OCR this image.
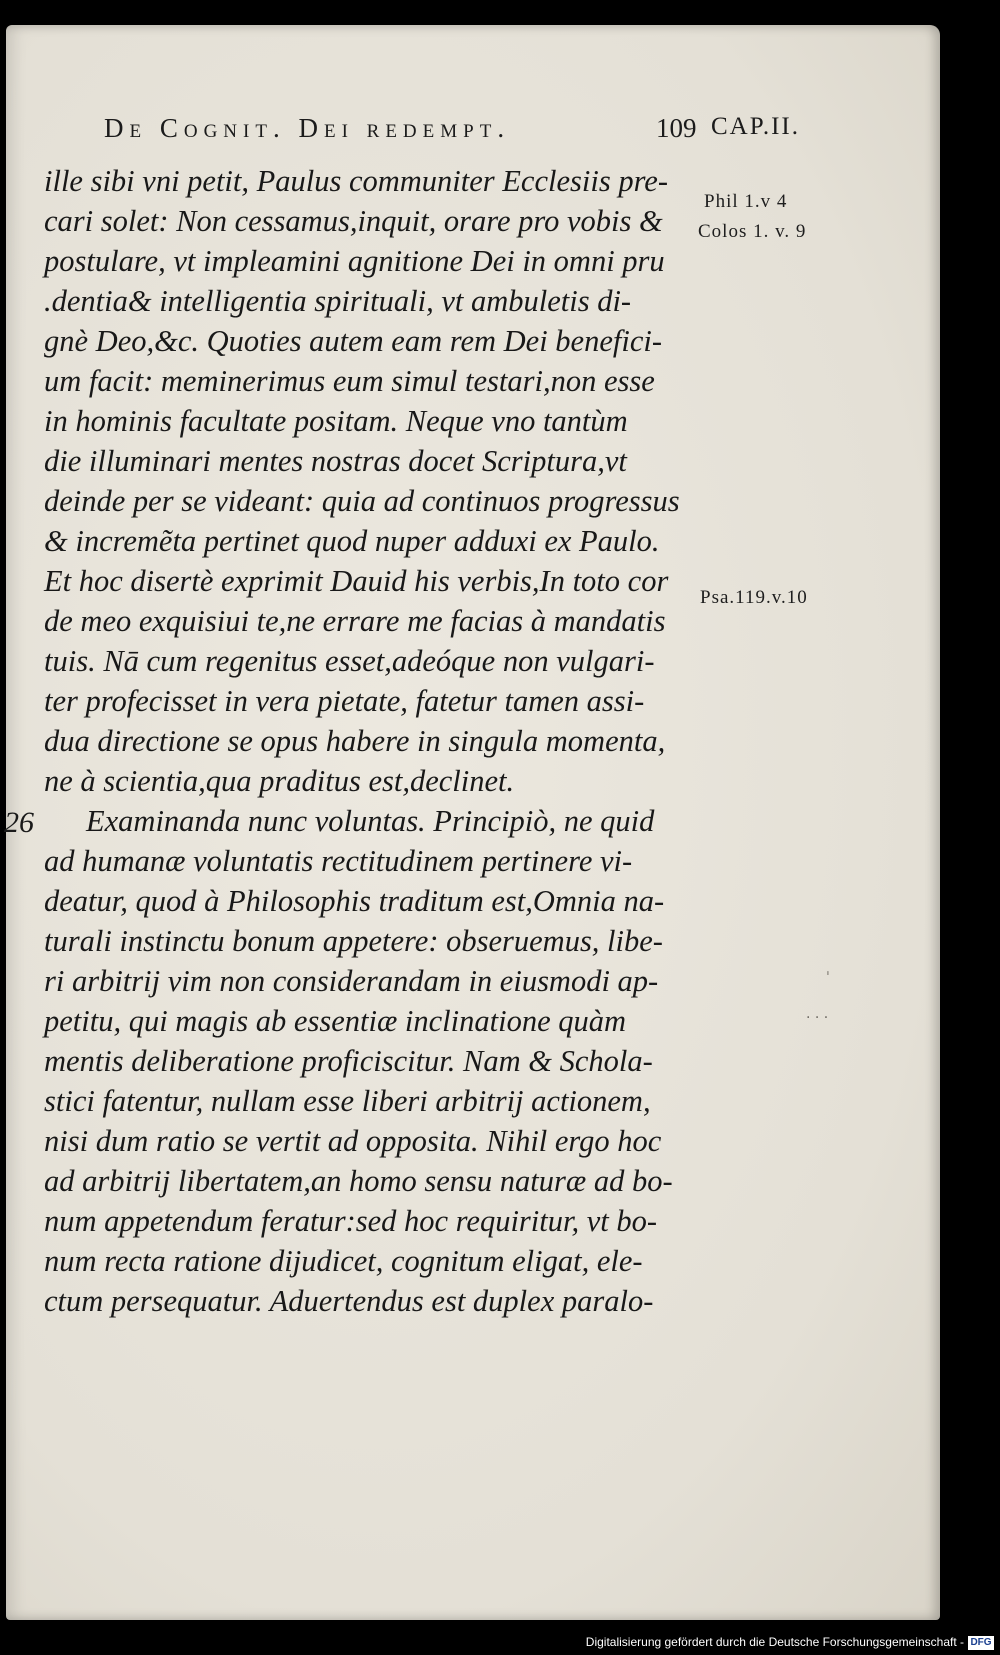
De Cognit. Dei redempt.	109 CAP.II.
ille sibi vni petit, Paulus communiter Ecclesiis pre-
cari solet: Non cessamus,inquit, orare pro vobis &
postulare, vt impleamini agnitione Dei in omni pru
.dentia& intelligentia spirituali, vt ambuletis di-
gnè Deo,&c. Quoties autem eam rem Dei benefici-
um facit: meminerimus eum simul testari,non esse
in hominis facultate positam. Neque vno tantùm
die illuminari mentes nostras docet Scriptura,vt
deinde per se videant: quia ad continuos progressus
& incremẽta pertinet quod nuper adduxi ex Paulo.
Et hoc disertè exprimit Dauid his verbis,In toto cor
de meo exquisiui te,ne errare me facias à mandatis
tuis. Nā cum regenitus esset,adeóque non vulgari-
ter profecisset in vera pietate, fatetur tamen assi-
dua directione se opus habere in singula momenta,
ne à scientia,qua praditus est,declinet.
Examinanda nunc voluntas. Principiò, ne quid
ad humanæ voluntatis rectitudinem pertinere vi-
deatur, quod à Philosophis traditum est,Omnia na-
turali instinctu bonum appetere: obseruemus, libe-
ri arbitrij vim non considerandam in eiusmodi ap-
petitu, qui magis ab essentiæ inclinatione quàm
mentis deliberatione proficiscitur. Nam & Schola-
stici fatentur, nullam esse liberi arbitrij actionem,
nisi dum ratio se vertit ad opposita. Nihil ergo hoc
ad arbitrij libertatem,an homo sensu naturæ ad bo-
num appetendum feratur:sed hoc requiritur, vt bo-
num recta ratione dijudicet, cognitum eligat, ele-
ctum persequatur. Aduertendus est duplex paralo-
Phil 1.v 4
Colos 1. v. 9
Psa.119.v.10
ˈ
· · ·
26
Digitalisierung gefördert durch die Deutsche Forschungsgemeinschaft - DFG
